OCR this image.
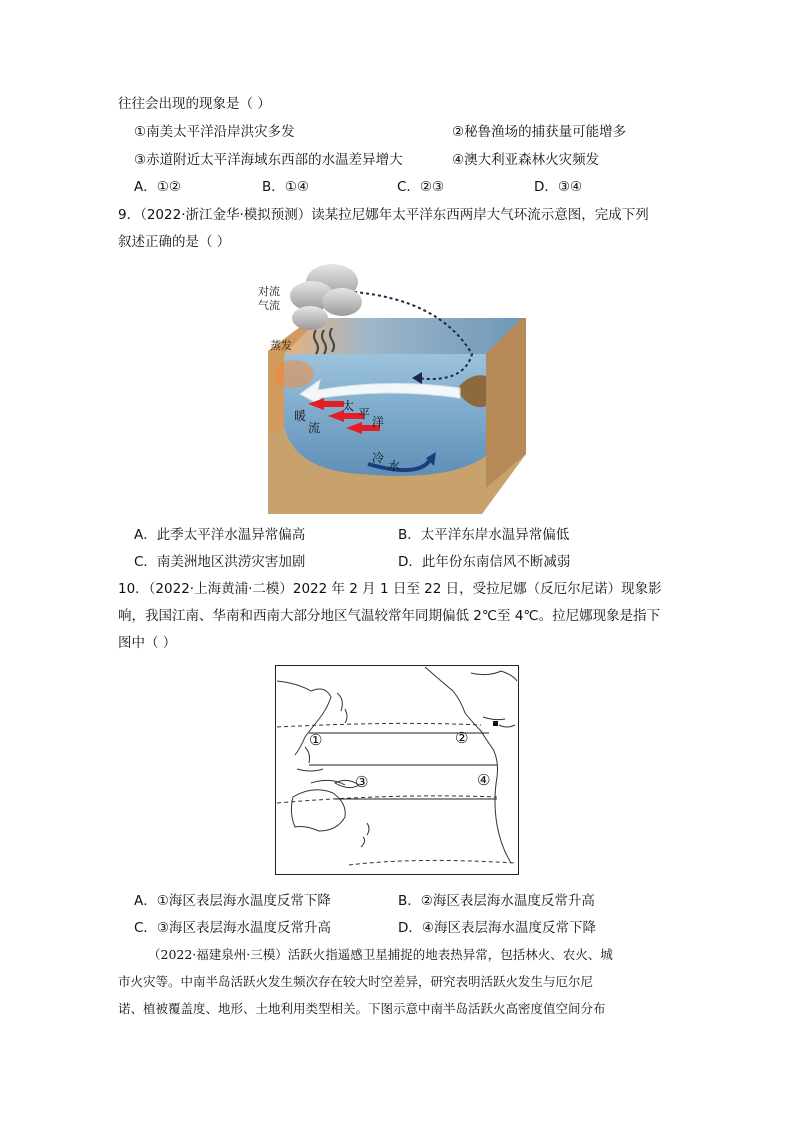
往往会出现的现象是（ ）
①南美太平洋沿岸洪灾多发	②秘鲁渔场的捕获量可能增多
③赤道附近太平洋海域东西部的水温差异增大	④澳大利亚森林火灾频发
A．①②	B．①④	C．②③	D．③④
9．（2022·浙江金华·模拟预测）读某拉尼娜年太平洋东西两岸大气环流示意图，完成下列
叙述正确的是（ ）
对流
气流
蒸发
太
平
洋
暖
流
冷
水
A．此季太平洋水温异常偏高	B．太平洋东岸水温异常偏低
C．南美洲地区洪涝灾害加剧	D．此年份东南信风不断减弱
10．（2022·上海黄浦·二模）2022 年 2 月 1 日至 22 日，受拉尼娜（反厄尔尼诺）现象影
响，我国江南、华南和西南大部分地区气温较常年同期偏低 2℃至 4℃。拉尼娜现象是指下
图中（ ）
①	②
③	④
A．①海区表层海水温度反常下降	B．②海区表层海水温度反常升高
C．③海区表层海水温度反常升高	D．④海区表层海水温度反常下降
（2022·福建泉州·三模）活跃火指遥感卫星捕捉的地表热异常，包括林火、农火、城
市火灾等。中南半岛活跃火发生频次存在较大时空差异，研究表明活跃火发生与厄尔尼
诺、植被覆盖度、地形、土地利用类型相关。下图示意中南半岛活跃火高密度值空间分布
